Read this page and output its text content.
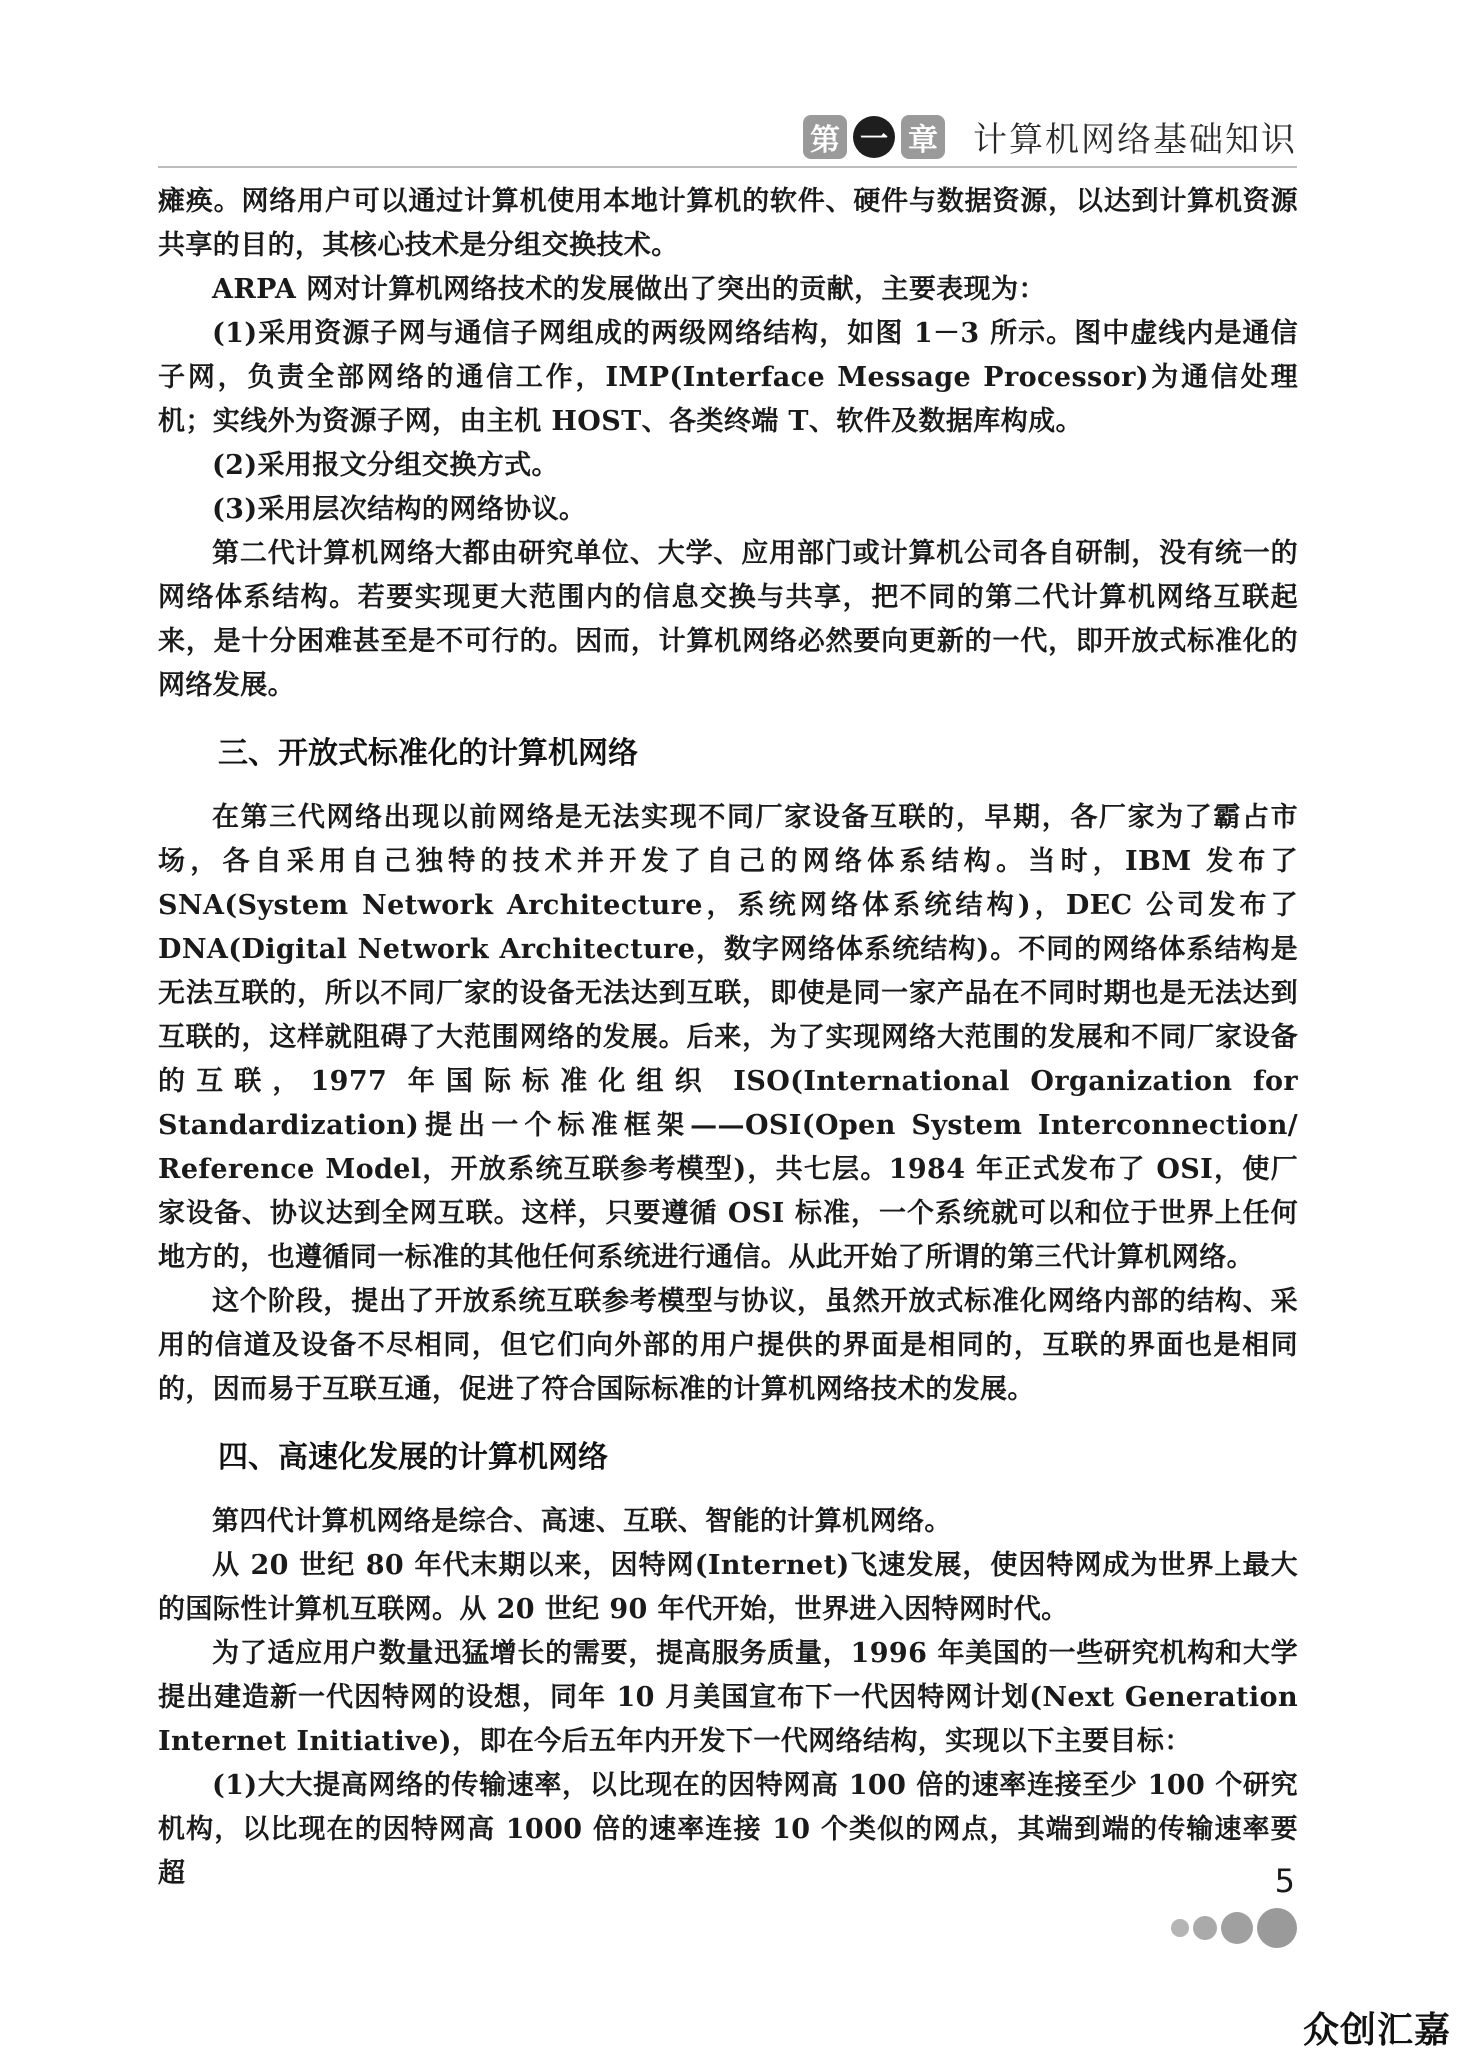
第 一 章 计算机网络基础知识

瘫痪。网络用户可以通过计算机使用本地计算机的软件、硬件与数据资源，以达到计算机资源共享的目的，其核心技术是分组交换技术。

ARPA 网对计算机网络技术的发展做出了突出的贡献，主要表现为：

(1)采用资源子网与通信子网组成的两级网络结构，如图 1－3 所示。图中虚线内是通信子网，负责全部网络的通信工作，IMP(Interface Message Processor)为通信处理机；实线外为资源子网，由主机 HOST、各类终端 T、软件及数据库构成。

(2)采用报文分组交换方式。

(3)采用层次结构的网络协议。

第二代计算机网络大都由研究单位、大学、应用部门或计算机公司各自研制，没有统一的网络体系结构。若要实现更大范围内的信息交换与共享，把不同的第二代计算机网络互联起来，是十分困难甚至是不可行的。因而，计算机网络必然要向更新的一代，即开放式标准化的网络发展。

三、开放式标准化的计算机网络

在第三代网络出现以前网络是无法实现不同厂家设备互联的，早期，各厂家为了霸占市场，各自采用自己独特的技术并开发了自己的网络体系结构。当时，IBM 发布了 SNA(System Network Architecture，系统网络体系统结构)，DEC 公司发布了 DNA(Digital Network Architecture，数字网络体系统结构)。不同的网络体系结构是无法互联的，所以不同厂家的设备无法达到互联，即使是同一家产品在不同时期也是无法达到互联的，这样就阻碍了大范围网络的发展。后来，为了实现网络大范围的发展和不同厂家设备的互联，1977 年国际标准化组织 ISO(International Organization for Standardization)提出一个标准框架——OSI(Open System Interconnection/ Reference Model，开放系统互联参考模型)，共七层。1984 年正式发布了 OSI，使厂家设备、协议达到全网互联。这样，只要遵循 OSI 标准，一个系统就可以和位于世界上任何地方的，也遵循同一标准的其他任何系统进行通信。从此开始了所谓的第三代计算机网络。

这个阶段，提出了开放系统互联参考模型与协议，虽然开放式标准化网络内部的结构、采用的信道及设备不尽相同，但它们向外部的用户提供的界面是相同的，互联的界面也是相同的，因而易于互联互通，促进了符合国际标准的计算机网络技术的发展。

四、高速化发展的计算机网络

第四代计算机网络是综合、高速、互联、智能的计算机网络。

从 20 世纪 80 年代末期以来，因特网(Internet)飞速发展，使因特网成为世界上最大的国际性计算机互联网。从 20 世纪 90 年代开始，世界进入因特网时代。

为了适应用户数量迅猛增长的需要，提高服务质量，1996 年美国的一些研究机构和大学提出建造新一代因特网的设想，同年 10 月美国宣布下一代因特网计划(Next Generation Internet Initiative)，即在今后五年内开发下一代网络结构，实现以下主要目标：

(1)大大提高网络的传输速率，以比现在的因特网高 100 倍的速率连接至少 100 个研究机构，以比现在的因特网高 1000 倍的速率连接 10 个类似的网点，其端到端的传输速率要超	5
众创汇嘉
